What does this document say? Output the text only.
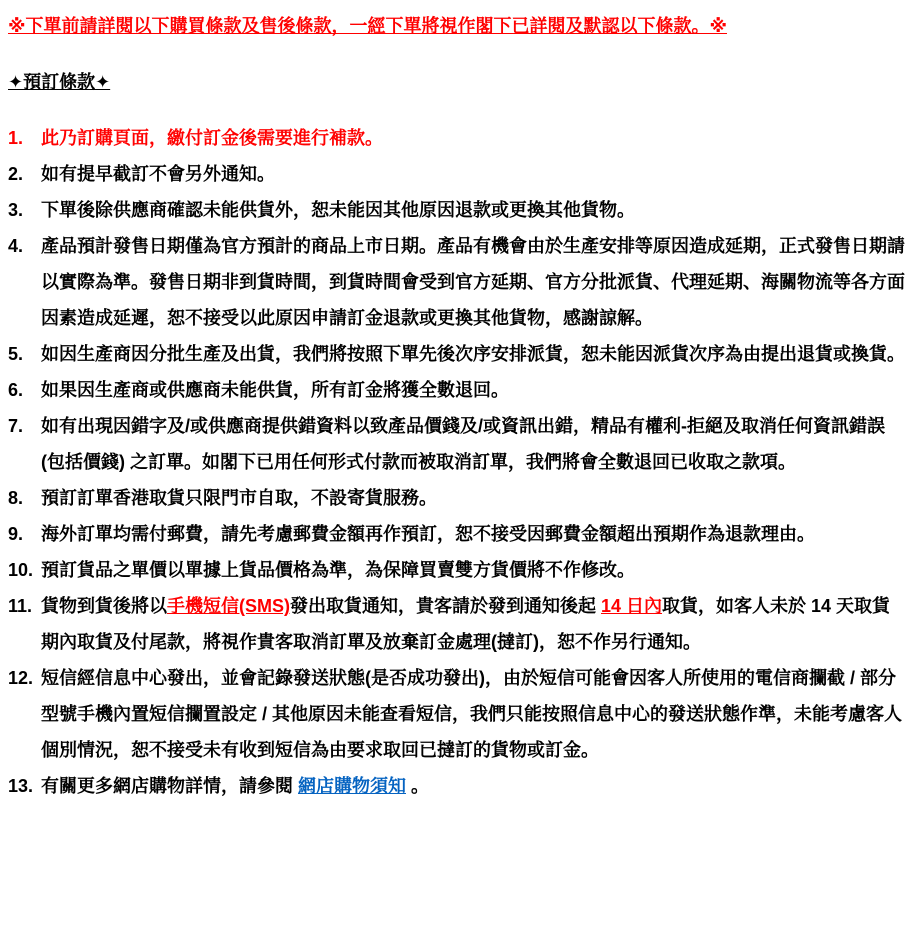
※下單前請詳閱以下購買條款及售後條款，一經下單將視作閣下已詳閱及默認以下條款。※
✦預訂條款✦
1. 此乃訂購頁面，繳付訂金後需要進行補款。
2. 如有提早截訂不會另外通知。
3. 下單後除供應商確認未能供貨外，恕未能因其他原因退款或更換其他貨物。
4. 產品預計發售日期僅為官方預計的商品上市日期。產品有機會由於生產安排等原因造成延期，正式發售日期請以實際為準。發售日期非到貨時間，到貨時間會受到官方延期、官方分批派貨、代理延期、海關物流等各方面因素造成延遲，恕不接受以此原因申請訂金退款或更換其他貨物，感謝諒解。
5. 如因生產商因分批生產及出貨，我們將按照下單先後次序安排派貨，恕未能因派貨次序為由提出退貨或換貨。
6. 如果因生產商或供應商未能供貨，所有訂金將獲全數退回。
7. 如有出現因錯字及/或供應商提供錯資料以致產品價錢及/或資訊出錯，精品有權利-拒絕及取消任何資訊錯誤(包括價錢) 之訂單。如閣下已用任何形式付款而被取消訂單，我們將會全數退回已收取之款項。
8. 預訂訂單香港取貨只限門市自取，不設寄貨服務。
9. 海外訂單均需付郵費，請先考慮郵費金額再作預訂，恕不接受因郵費金額超出預期作為退款理由。
10. 預訂貨品之單價以單據上貨品價格為準，為保障買賣雙方貨價將不作修改。
11. 貨物到貨後將以手機短信(SMS)發出取貨通知，貴客請於發到通知後起 14 日內取貨，如客人未於 14 天取貨期內取貨及付尾款，將視作貴客取消訂單及放棄訂金處理(撻訂)，恕不作另行通知。
12. 短信經信息中心發出，並會記錄發送狀態(是否成功發出)，由於短信可能會因客人所使用的電信商攔截 / 部分型號手機內置短信攔置設定 / 其他原因未能查看短信，我們只能按照信息中心的發送狀態作準，未能考慮客人個別情況，恕不接受未有收到短信為由要求取回已撻訂的貨物或訂金。
13. 有關更多網店購物詳情，請參閱 網店購物須知 。
